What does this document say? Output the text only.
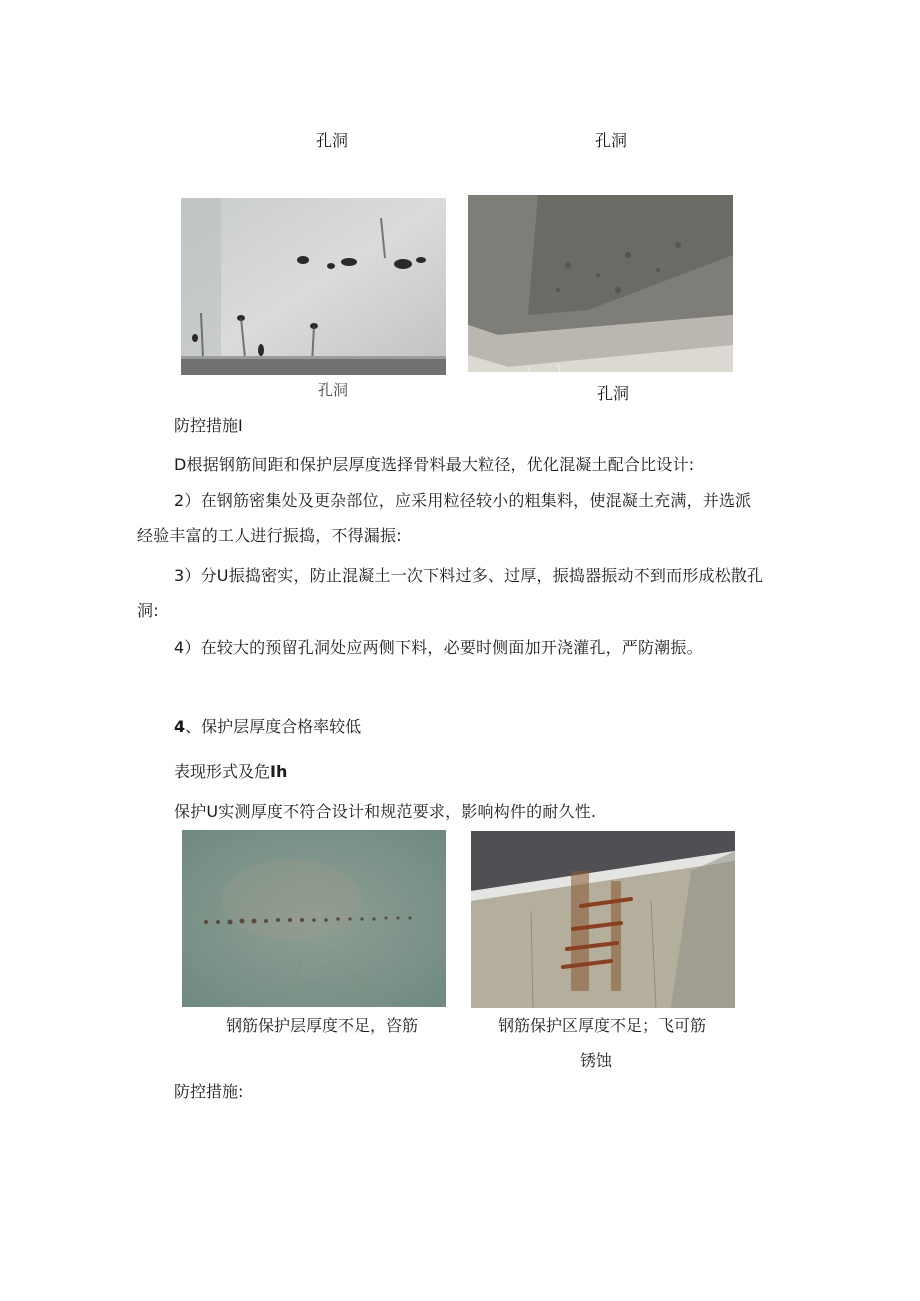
孔洞	孔洞
孔洞	孔洞
防控措施I
D根据钢筋间距和保护层厚度选择骨料最大粒径，优化混凝土配合比设计:
2）在钢筋密集处及更杂部位，应采用粒径较小的粗集料，使混凝土充满，并选派
经验丰富的工人进行振捣，不得漏振:
3）分U振捣密实，防止混凝土一次下料过多、过厚，振捣器振动不到而形成松散孔
洞:
4）在较大的预留孔洞处应两侧下料，必要时侧面加开浇灌孔，严防潮振。
4、保护层厚度合格率较低
表现形式及危Ih
保护U实测厚度不符合设计和规范要求，影响构件的耐久性.
钢筋保护层厚度不足，咨筋	钢筋保护区厚度不足；飞可筋
锈蚀
防控措施:
